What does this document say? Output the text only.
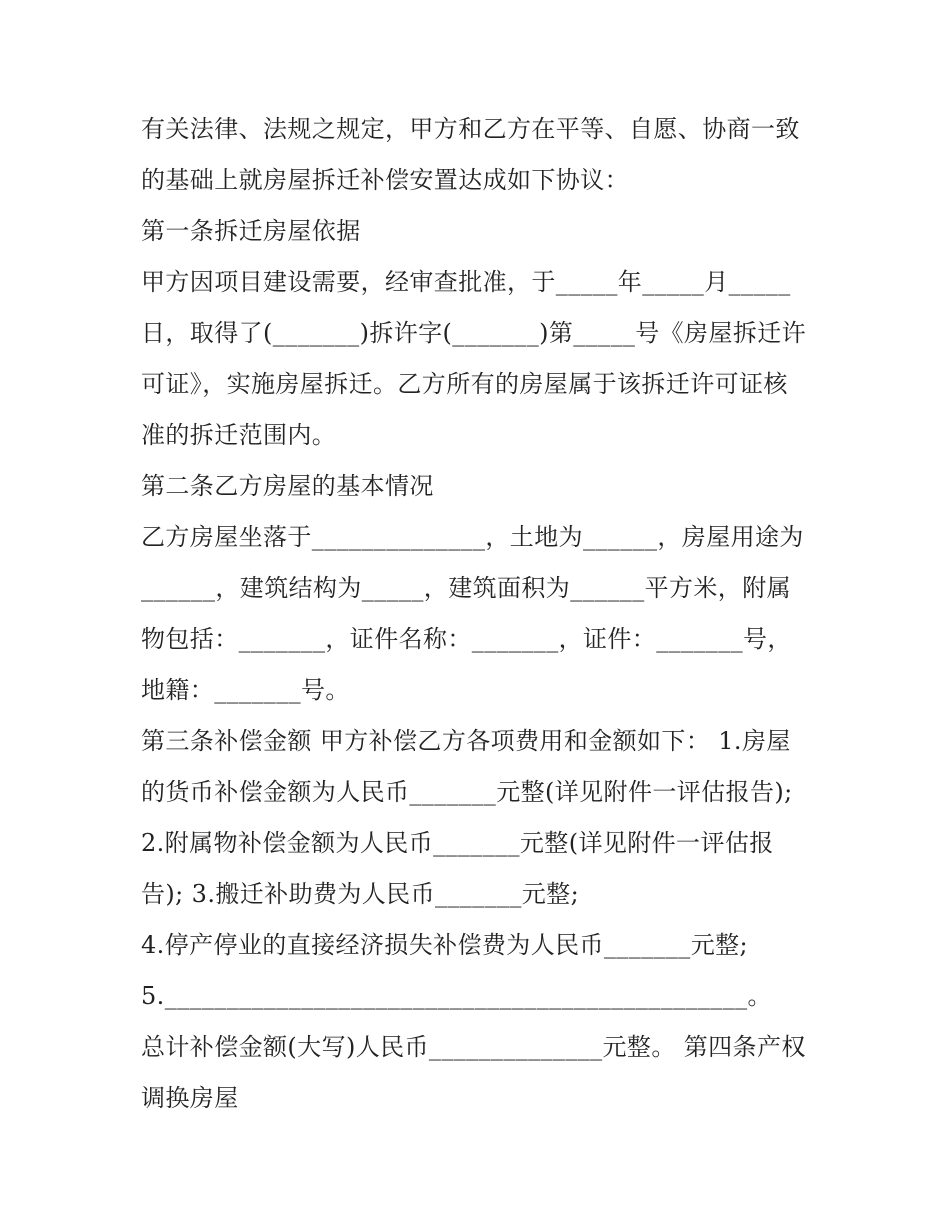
有关法律、法规之规定，甲方和乙方在平等、自愿、协商一致

的基础上就房屋拆迁补偿安置达成如下协议：

第一条拆迁房屋依据

甲方因项目建设需要，经审查批准，于_____年_____月_____

日，取得了(_______)拆许字(_______)第_____号《房屋拆迁许

可证》，实施房屋拆迁。乙方所有的房屋属于该拆迁许可证核

准的拆迁范围内。

第二条乙方房屋的基本情况

乙方房屋坐落于______________，土地为______，房屋用途为

______，建筑结构为_____，建筑面积为______平方米，附属

物包括：_______，证件名称：_______，证件：_______号，

地籍：_______号。

第三条补偿金额 甲方补偿乙方各项费用和金额如下： 1.房屋

的货币补偿金额为人民币_______元整(详见附件一评估报告);

2.附属物补偿金额为人民币_______元整(详见附件一评估报

告); 3.搬迁补助费为人民币_______元整;

4.停产停业的直接经济损失补偿费为人民币_______元整;

5._______________________________________________。

总计补偿金额(大写)人民币______________元整。 第四条产权

调换房屋
